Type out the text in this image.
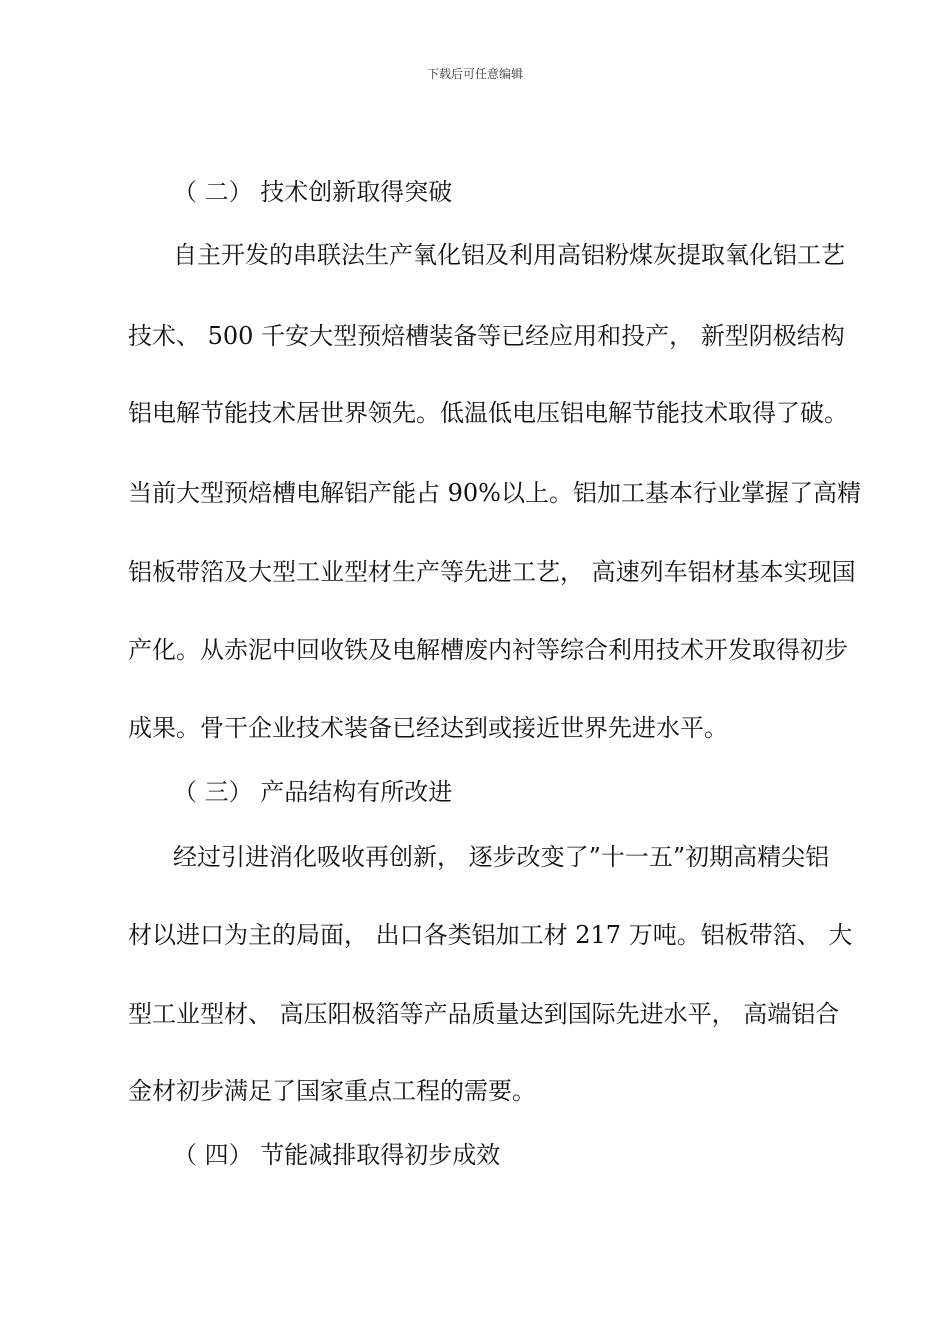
下载后可任意编辑
（ 二） 技术创新取得突破
自主开发的串联法生产氧化铝及利用高铝粉煤灰提取氧化铝工艺
技术、 500 千安大型预焙槽装备等已经应用和投产， 新型阴极结构
铝电解节能技术居世界领先。低温低电压铝电解节能技术取得了破。
当前大型预焙槽电解铝产能占 90%以上。铝加工基本行业掌握了高精
铝板带箔及大型工业型材生产等先进工艺， 高速列车铝材基本实现国
产化。从赤泥中回收铁及电解槽废内衬等综合利用技术开发取得初步
成果。骨干企业技术装备已经达到或接近世界先进水平。
（ 三） 产品结构有所改进
经过引进消化吸收再创新， 逐步改变了”十一五”初期高精尖铝
材以进口为主的局面， 出口各类铝加工材 217 万吨。铝板带箔、 大
型工业型材、 高压阳极箔等产品质量达到国际先进水平， 高端铝合
金材初步满足了国家重点工程的需要。
（ 四） 节能减排取得初步成效
